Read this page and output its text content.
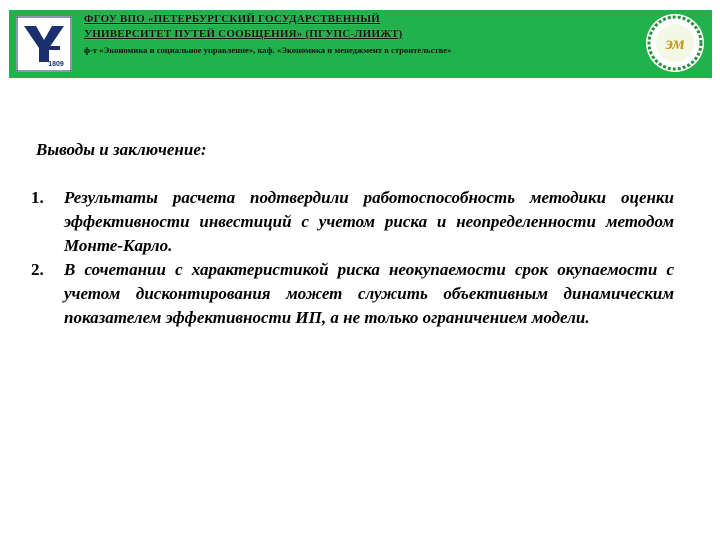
1809
ФГОУ ВПО «ПЕТЕРБУРГСКИЙ ГОСУДАРСТВЕННЫЙ
УНИВЕРСИТЕТ ПУТЕЙ СООБЩЕНИЯ» (ПГУПС-ЛИИЖТ)
ф-т «Экономика и социальное управление», каф. «Экономика и менеджмент в строительстве»	эм
Выводы и заключение:
1. Результаты расчета подтвердили работоспособность методики оценки эффективности инвестиций с учетом риска и неопределенности методом Монте-Карло.
2. В сочетании с характеристикой риска неокупаемости срок окупаемости с учетом дисконтирования может служить объективным динамическим показателем эффективности ИП, а не только ограничением модели.
